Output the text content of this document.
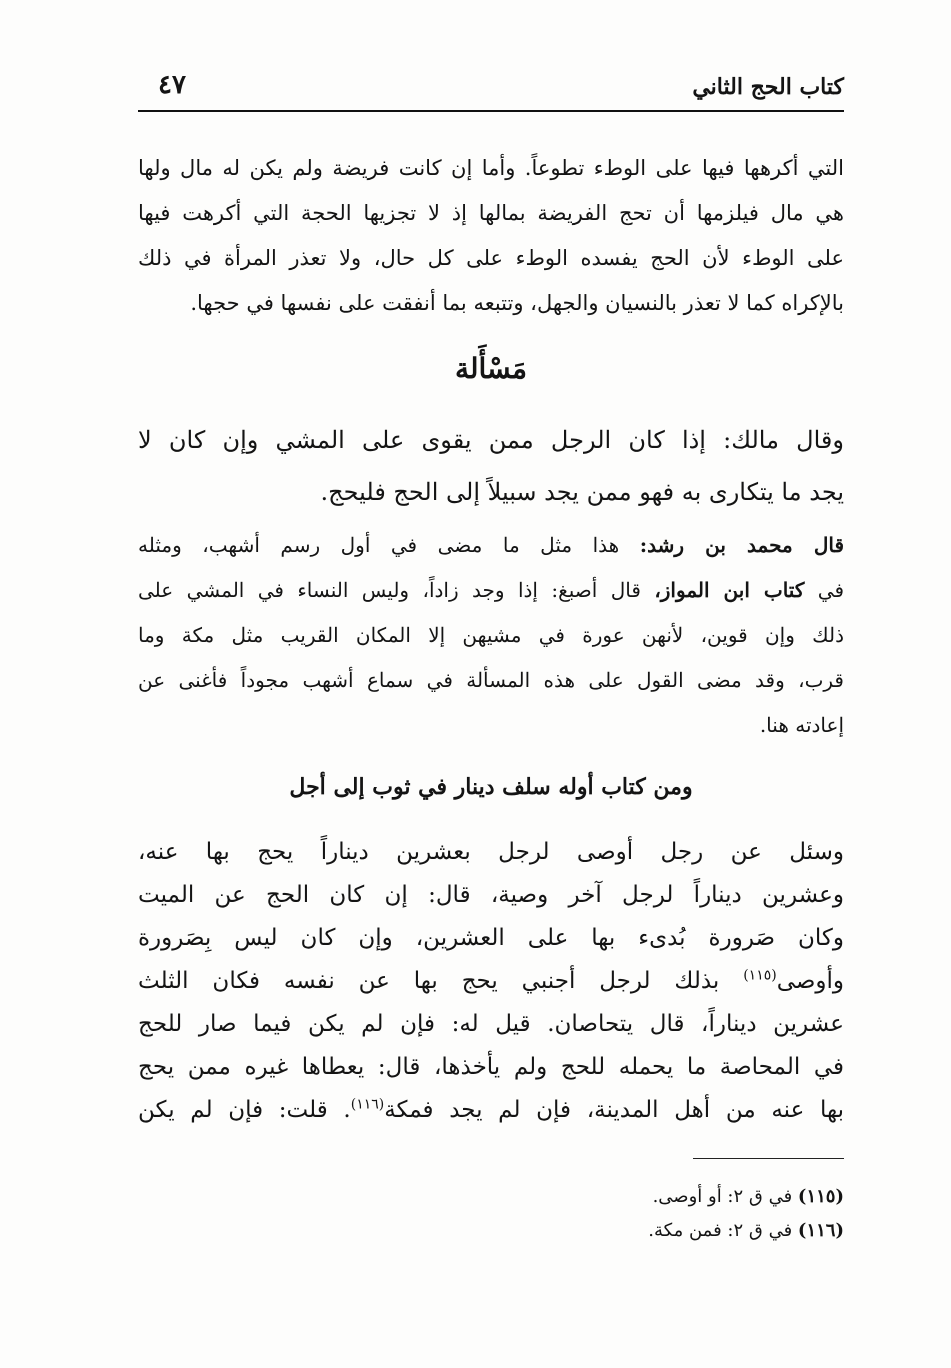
كتاب الحج الثاني
٤٧
التي أكرهها فيها على الوطء تطوعاً. وأما إن كانت فريضة ولم يكن له مال ولها
هي مال فيلزمها أن تحج الفريضة بمالها إذ لا تجزيها الحجة التي أكرهت فيها
على الوطء لأن الحج يفسده الوطء على كل حال، ولا تعذر المرأة في ذلك
بالإكراه كما لا تعذر بالنسيان والجهل، وتتبعه بما أنفقت على نفسها في حجها.
مَسْأَلة
وقال مالك: إذا كان الرجل ممن يقوى على المشي وإن كان لا
يجد ما يتكارى به فهو ممن يجد سبيلاً إلى الحج فليحج.
قال محمد بن رشد: هذا مثل ما مضى في أول رسم أشهب، ومثله
في كتاب ابن المواز، قال أصبغ: إذا وجد زاداً، وليس النساء في المشي على
ذلك وإن قوين، لأنهن عورة في مشيهن إلا المكان القريب مثل مكة وما
قرب، وقد مضى القول على هذه المسألة في سماع أشهب مجوداً فأغنى عن
إعادته هنا.
ومن كتاب أوله سلف دينار في ثوب إلى أجل
وسئل عن رجل أوصى لرجل بعشرين ديناراً يحج بها عنه،
وعشرين ديناراً لرجل آخر وصية، قال: إن كان الحج عن الميت
وكان صَرورة بُدىء بها على العشرين، وإن كان ليس بِصَرورة
وأوصى$^{(١١٥)}$ بذلك لرجل أجنبي يحج بها عن نفسه فكان الثلث
عشرين ديناراً، قال يتحاصان. قيل له: فإن لم يكن فيما صار للحج
في المحاصة ما يحمله للحج ولم يأخذها، قال: يعطاها غيره ممن يحج
بها عنه من أهل المدينة، فإن لم يجد فمكة$^{(١١٦)}$. قلت: فإن لم يكن
(١١٥) في ق ٢: أو أوصى.
(١١٦) في ق ٢: فمن مكة.
